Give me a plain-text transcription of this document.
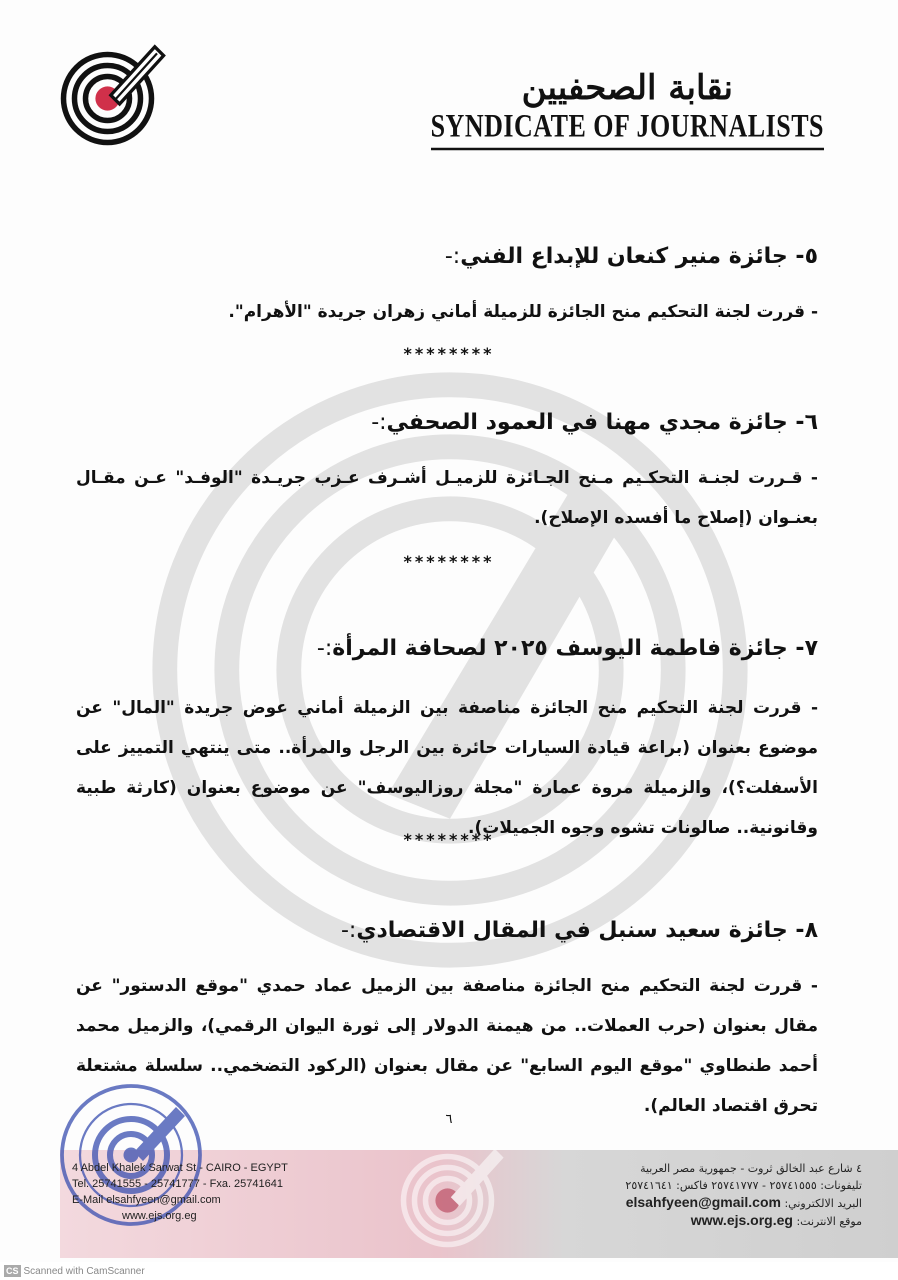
نقابة الصحفيين
SYNDICATE OF JOURNALISTS

٥- جائزة منير كنعان للإبداع الفني:-

- قررت لجنة التحكيم منح الجائزة للزميلة أماني زهران جريدة "الأهرام".

********

٦- جائزة مجدي مهنا في العمود الصحفي:-

- قـررت لجنـة التحكـيم مـنح الجـائزة للزميـل أشـرف عـزب جريـدة "الوفـد" عـن مقـال بعنـوان (إصلاح ما أفسده الإصلاح).

********

٧- جائزة فاطمة اليوسف ٢٠٢٥ لصحافة المرأة:-

- قررت لجنة التحكيم منح الجائزة مناصفة بين الزميلة أماني عوض جريدة "المال" عن موضوع بعنوان (براعة قيادة السيارات حائرة بين الرجل والمرأة.. متى ينتهي التمييز على الأسفلت؟)، والزميلة مروة عمارة "مجلة روزاليوسف" عن موضوع بعنوان (كارثة طبية وقانونية.. صالونات تشوه وجوه الجميلات).

********

٨- جائزة سعيد سنبل في المقال الاقتصادي:-

- قررت لجنة التحكيم منح الجائزة مناصفة بين الزميل عماد حمدي "موقع الدستور" عن مقال بعنوان (حرب العملات.. من هيمنة الدولار إلى ثورة اليوان الرقمي)، والزميل محمد أحمد طنطاوي "موقع اليوم السابع" عن مقال بعنوان (الركود التضخمي.. سلسلة مشتعلة تحرق اقتصاد العالم).

٦
4 Abdel Khalek Sarwat St - CAIRO - EGYPT
Tel. 25741555 - 25741777 - Fxa. 25741641
E-Mail elsahfyeen@gmail.com
www.ejs.org.eg
٤ شارع عبد الخالق ثروت - جمهورية مصر العربية
تليفونات: ٢٥٧٤١٥٥٥ - ٢٥٧٤١٧٧٧ فاكس: ٢٥٧٤١٦٤١
البريد الالكتروني: elsahfyeen@gmail.com
موقع الانترنت: www.ejs.org.eg
CS Scanned with CamScanner
